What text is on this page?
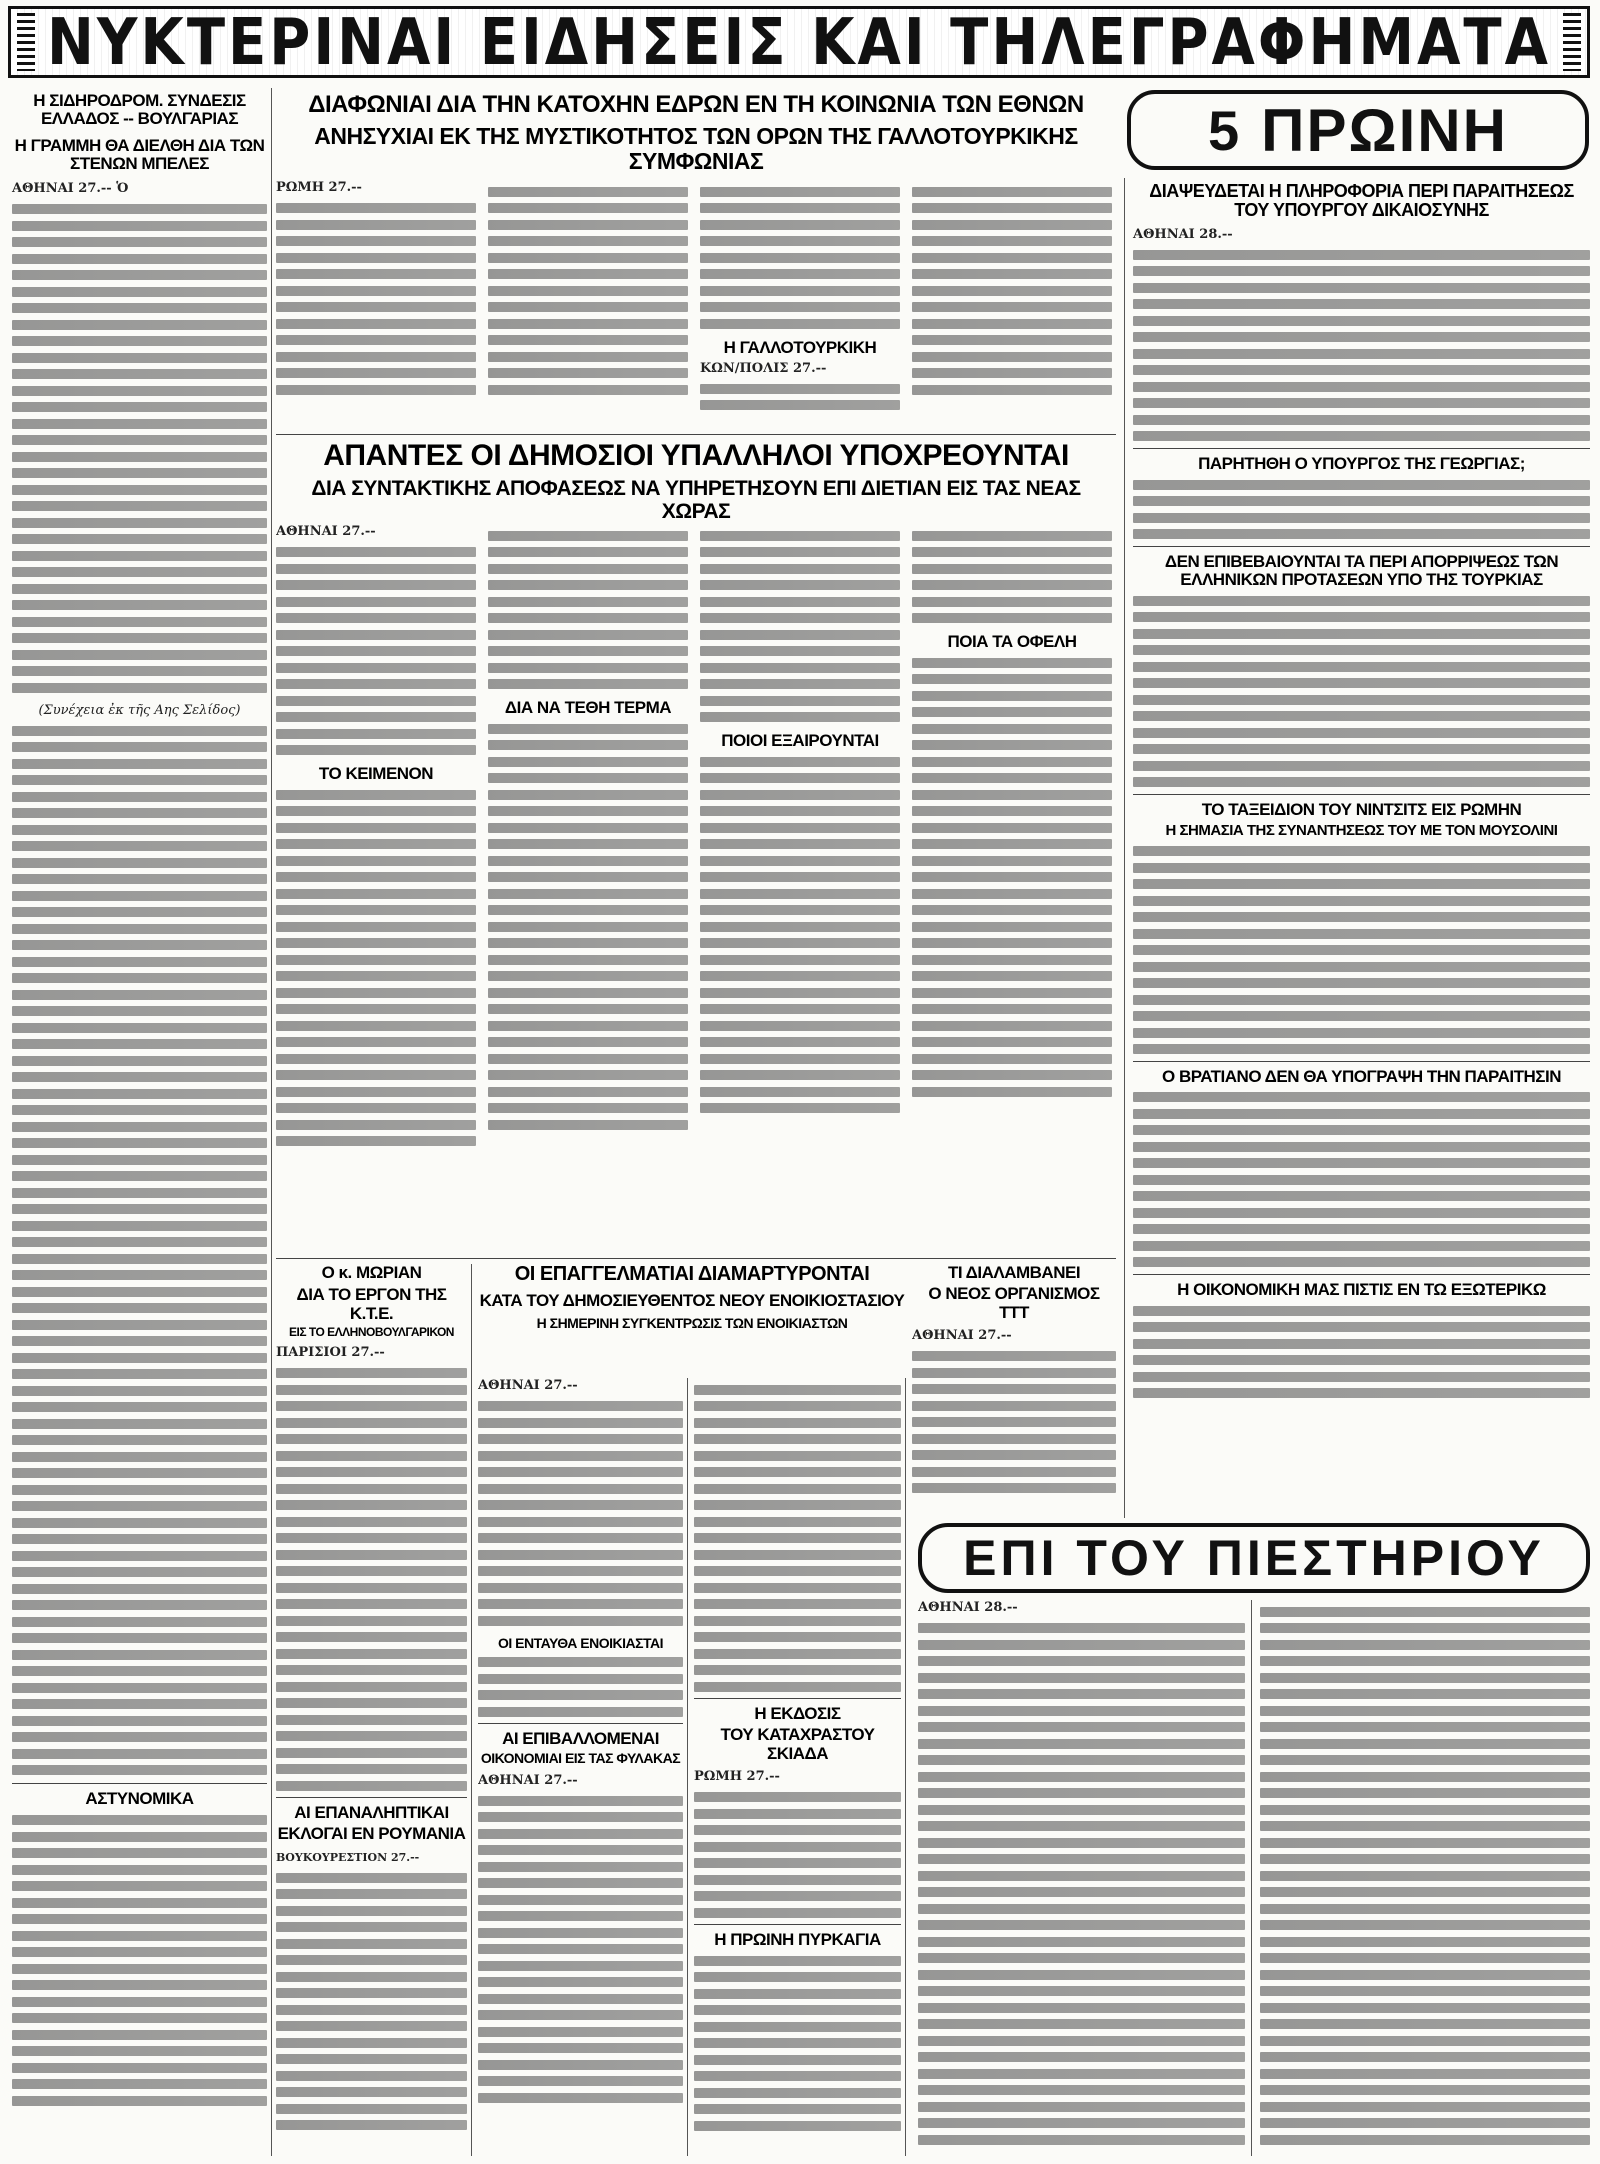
ΝΥΚΤΕΡΙΝΑΙ ΕΙΔΗΣΕΙΣ ΚΑΙ ΤΗΛΕΓΡΑΦΗΜΑΤΑ
Η ΣΙΔΗΡΟΔΡΟΜ. ΣΥΝΔΕΣΙΣ ΕΛΛΑΔΟΣ -- ΒΟΥΛΓΑΡΙΑΣ
Η ΓΡΑΜΜΗ ΘΑ ΔΙΕΛΘΗ ΔΙΑ ΤΩΝ ΣΤΕΝΩΝ ΜΠΕΛΕΣ
ΑΘΗΝΑΙ 27.-- Ὁ
(Συνέχεια ἐκ τῆς Αης Σελίδος)
ΑΣΤΥΝΟΜΙΚΑ
ΔΙΑΦΩΝΙΑΙ ΔΙΑ ΤΗΝ ΚΑΤΟΧΗΝ ΕΔΡΩΝ ΕΝ ΤΗ ΚΟΙΝΩΝΙΑ ΤΩΝ ΕΘΝΩΝ
ΑΝΗΣΥΧΙΑΙ ΕΚ ΤΗΣ ΜΥΣΤΙΚΟΤΗΤΟΣ ΤΩΝ ΟΡΩΝ ΤΗΣ ΓΑΛΛΟΤΟΥΡΚΙΚΗΣ ΣΥΜΦΩΝΙΑΣ
ΡΩΜΗ 27.--
Η ΓΑΛΛΟΤΟΥΡΚΙΚΗ
ΚΩΝ/ΠΟΛΙΣ 27.--
ΑΠΑΝΤΕΣ ΟΙ ΔΗΜΟΣΙΟΙ ΥΠΑΛΛΗΛΟΙ ΥΠΟΧΡΕΟΥΝΤΑΙ
ΔΙΑ ΣΥΝΤΑΚΤΙΚΗΣ ΑΠΟΦΑΣΕΩΣ ΝΑ ΥΠΗΡΕΤΗΣΟΥΝ ΕΠΙ ΔΙΕΤΙΑΝ ΕΙΣ ΤΑΣ ΝΕΑΣ ΧΩΡΑΣ
ΑΘΗΝΑΙ 27.--
ΤΟ ΚΕΙΜΕΝΟΝ
ΔΙΑ ΝΑ ΤΕΘΗ ΤΕΡΜΑ
ΠΟΙΟΙ ΕΞΑΙΡΟΥΝΤΑΙ
ΠΟΙΑ ΤΑ ΟΦΕΛΗ
Ο κ. ΜΩΡΙΑΝ
ΔΙΑ ΤΟ ΕΡΓΟΝ ΤΗΣ Κ.Τ.Ε.
ΕΙΣ ΤΟ ΕΛΛΗΝΟΒΟΥΛΓΑΡΙΚΟΝ
ΠΑΡΙΣΙΟΙ 27.--
ΑΙ ΕΠΑΝΑΛΗΠΤΙΚΑΙ
ΕΚΛΟΓΑΙ ΕΝ ΡΟΥΜΑΝΙΑ
ΒΟΥΚΟΥΡΕΣΤΙΟΝ 27.--
ΟΙ ΕΠΑΓΓΕΛΜΑΤΙΑΙ ΔΙΑΜΑΡΤΥΡΟΝΤΑΙ
ΚΑΤΑ ΤΟΥ ΔΗΜΟΣΙΕΥΘΕΝΤΟΣ ΝΕΟΥ ΕΝΟΙΚΙΟΣΤΑΣΙΟΥ
Η ΣΗΜΕΡΙΝΗ ΣΥΓΚΕΝΤΡΩΣΙΣ ΤΩΝ ΕΝΟΙΚΙΑΣΤΩΝ
ΑΘΗΝΑΙ 27.--
ΟΙ ΕΝΤΑΥΘΑ ΕΝΟΙΚΙΑΣΤΑΙ
ΑΙ ΕΠΙΒΑΛΛΟΜΕΝΑΙ
ΟΙΚΟΝΟΜΙΑΙ ΕΙΣ ΤΑΣ ΦΥΛΑΚΑΣ
ΑΘΗΝΑΙ 27.--
Η ΕΚΔΟΣΙΣ
ΤΟΥ ΚΑΤΑΧΡΑΣΤΟΥ ΣΚΙΑΔΑ
ΡΩΜΗ 27.--
Η ΠΡΩΙΝΗ ΠΥΡΚΑΓΙΑ
ΤΙ ΔΙΑΛΑΜΒΑΝΕΙ
Ο ΝΕΟΣ ΟΡΓΑΝΙΣΜΟΣ ΤΤΤ
ΑΘΗΝΑΙ 27.--
5 ΠΡΩΙΝΗ
ΔΙΑΨΕΥΔΕΤΑΙ Η ΠΛΗΡΟΦΟΡΙΑ ΠΕΡΙ ΠΑΡΑΙΤΗΣΕΩΣ ΤΟΥ ΥΠΟΥΡΓΟΥ ΔΙΚΑΙΟΣΥΝΗΣ
ΑΘΗΝΑΙ 28.--
ΠΑΡΗΤΗΘΗ Ο ΥΠΟΥΡΓΟΣ ΤΗΣ ΓΕΩΡΓΙΑΣ;
ΔΕΝ ΕΠΙΒΕΒΑΙΟΥΝΤΑΙ ΤΑ ΠΕΡΙ ΑΠΟΡΡΙΨΕΩΣ ΤΩΝ ΕΛΛΗΝΙΚΩΝ ΠΡΟΤΑΣΕΩΝ ΥΠΟ ΤΗΣ ΤΟΥΡΚΙΑΣ
ΤΟ ΤΑΞΕΙΔΙΟΝ ΤΟΥ ΝΙΝΤΣΙΤΣ ΕΙΣ ΡΩΜΗΝ
Η ΣΗΜΑΣΙΑ ΤΗΣ ΣΥΝΑΝΤΗΣΕΩΣ ΤΟΥ ΜΕ ΤΟΝ ΜΟΥΣΟΛΙΝΙ
Ο ΒΡΑΤΙΑΝΟ ΔΕΝ ΘΑ ΥΠΟΓΡΑΨΗ ΤΗΝ ΠΑΡΑΙΤΗΣΙΝ
Η ΟΙΚΟΝΟΜΙΚΗ ΜΑΣ ΠΙΣΤΙΣ ΕΝ ΤΩ ΕΞΩΤΕΡΙΚΩ
ΕΠΙ ΤΟΥ ΠΙΕΣΤΗΡΙΟΥ
ΑΘΗΝΑΙ 28.--
